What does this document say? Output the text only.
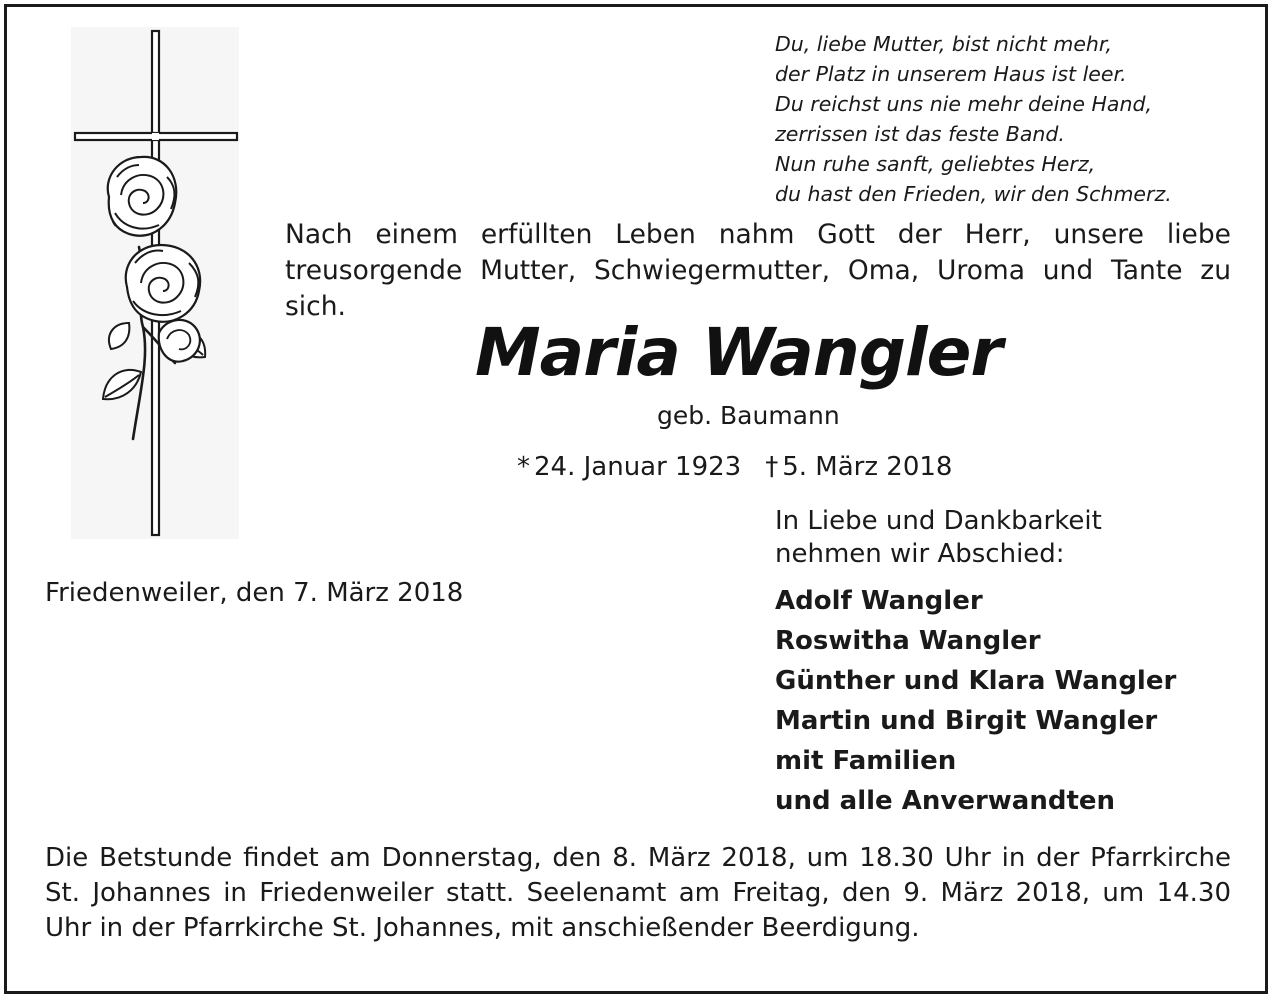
Du, liebe Mutter, bist nicht mehr,
der Platz in unserem Haus ist leer.
Du reichst uns nie mehr deine Hand,
zerrissen ist das feste Band.
Nun ruhe sanft, geliebtes Herz,
du hast den Frieden, wir den Schmerz.
Nach einem erfüllten Leben nahm Gott der Herr, unsere liebe treusorgende Mutter, Schwiegermutter, Oma, Uroma und Tante zu sich.
Maria Wangler
geb. Baumann
* 24. Januar 1923 † 5. März 2018
In Liebe und Dankbarkeit
nehmen wir Abschied:
Friedenweiler, den 7. März 2018	Adolf Wangler
Roswitha Wangler
Günther und Klara Wangler
Martin und Birgit Wangler
mit Familien
und alle Anverwandten
Die Betstunde findet am Donnerstag, den 8. März 2018, um 18.30 Uhr in der Pfarrkirche St. Johannes in Friedenweiler statt. Seelenamt am Freitag, den 9. März 2018, um 14.30 Uhr in der Pfarrkirche St. Johannes, mit anschießender Beerdigung.
